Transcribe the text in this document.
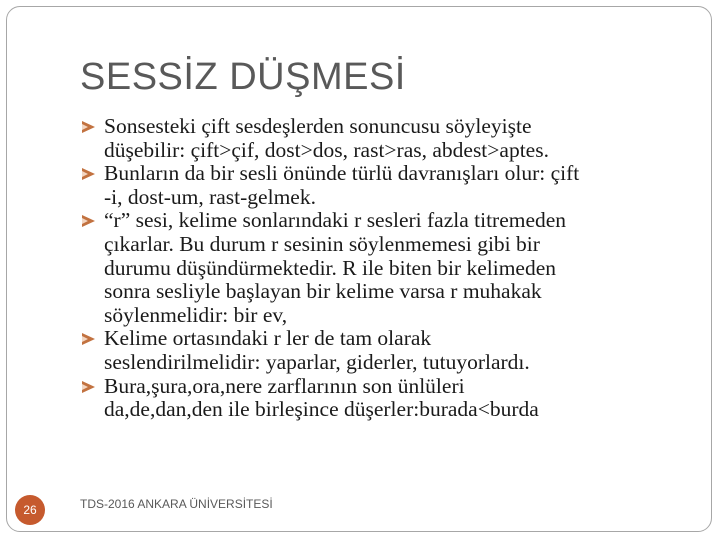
SESSİZ DÜŞMESİ
Sonsesteki çift sesdeşlerden sonuncusu söyleyişte
düşebilir: çift>çif, dost>dos, rast>ras, abdest>aptes.
Bunların da bir sesli önünde türlü davranışları olur: çift
-i, dost-um, rast-gelmek.
“r” sesi, kelime sonlarındaki r sesleri fazla titremeden
çıkarlar. Bu durum r sesinin söylenmemesi gibi bir
durumu düşündürmektedir. R ile biten bir kelimeden
sonra sesliyle başlayan bir kelime varsa r muhakak
söylenmelidir: bir ev,
Kelime ortasındaki r ler de tam olarak
seslendirilmelidir: yaparlar, giderler, tutuyorlardı.
Bura,şura,ora,nere zarflarının son ünlüleri
da,de,dan,den ile birleşince düşerler:burada<burda
26	TDS-2016 ANKARA ÜNİVERSİTESİ
